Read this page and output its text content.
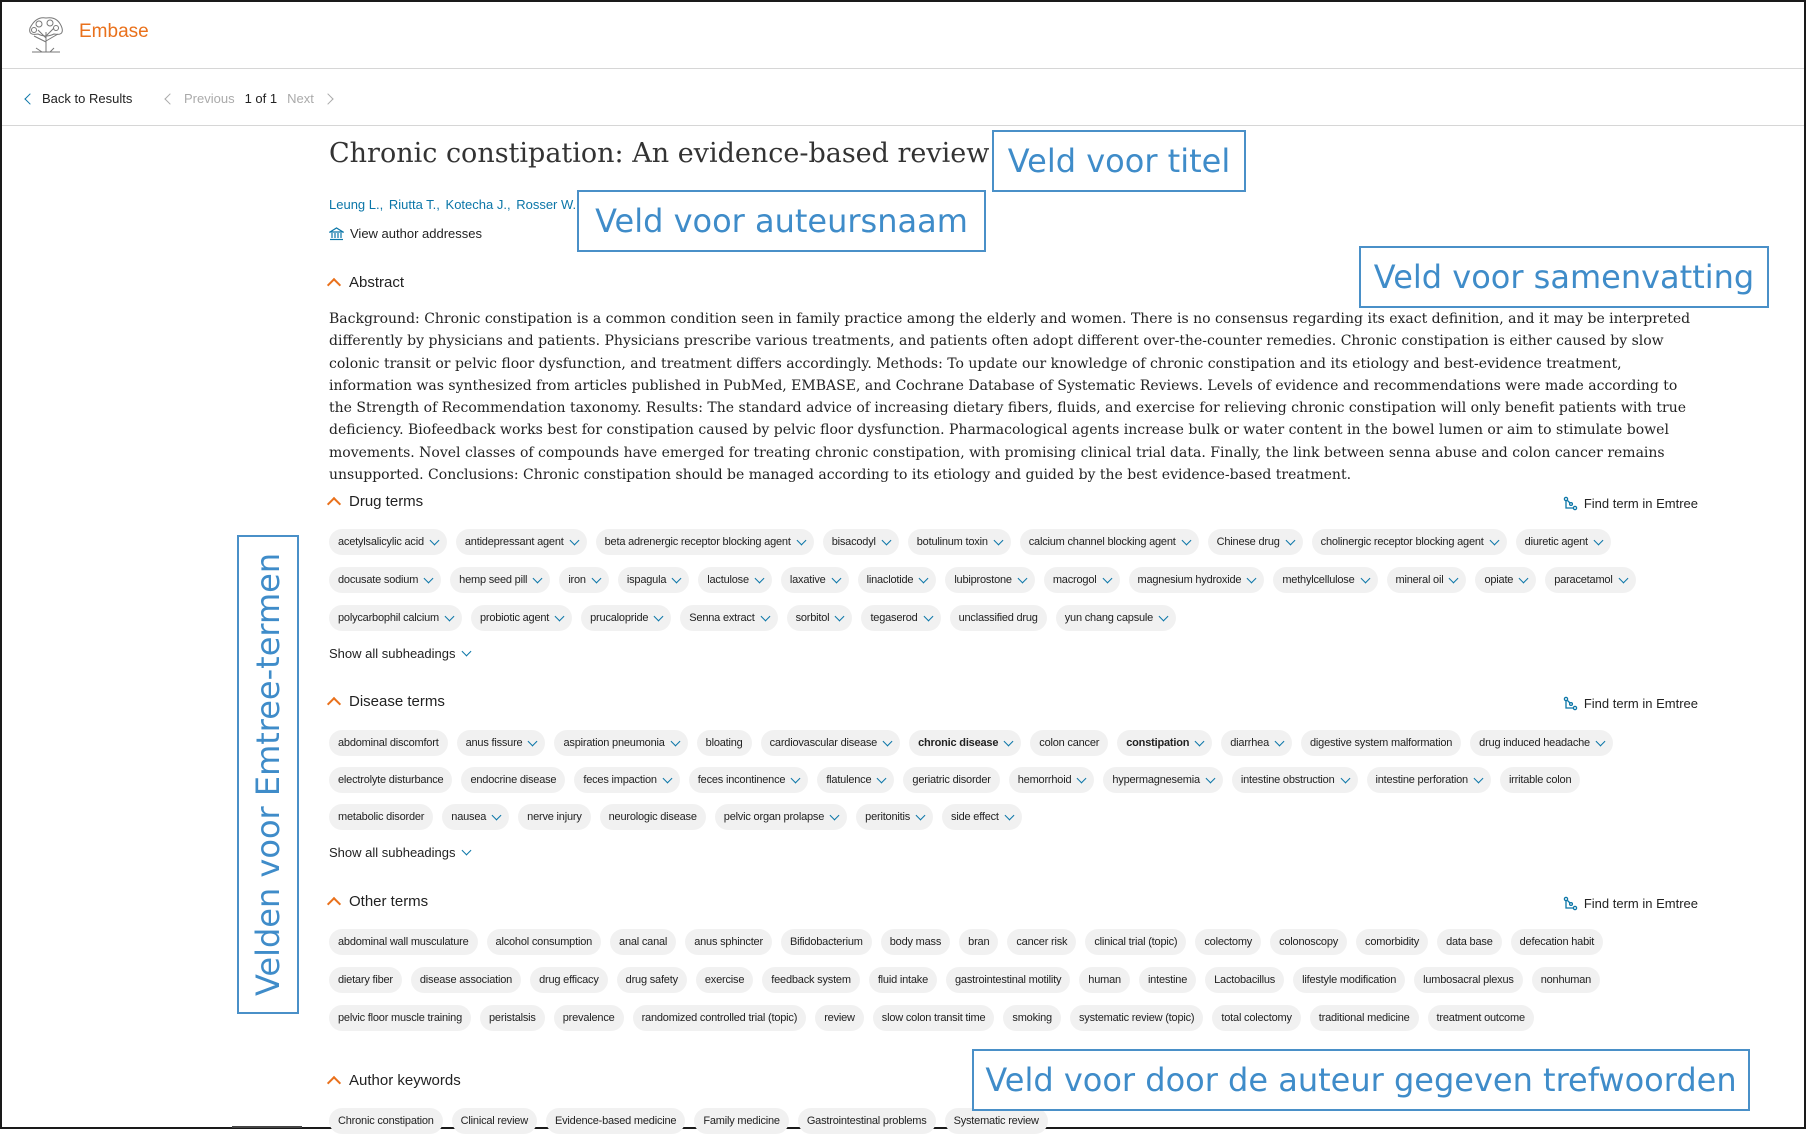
Embase
Back to Results	Previous 1 of 1 Next
Chronic constipation: An evidence-based review
Leung L., Riutta T., Kotecha J., Rosser W.
View author addresses
Abstract

Background: Chronic constipation is a common condition seen in family practice among the elderly and women. There is no consensus regarding its exact definition, and it may be interpreted differently by physicians and patients. Physicians prescribe various treatments, and patients often adopt different over-the-counter remedies. Chronic constipation is either caused by slow colonic transit or pelvic floor dysfunction, and treatment differs accordingly. Methods: To update our knowledge of chronic constipation and its etiology and best-evidence treatment, information was synthesized from articles published in PubMed, EMBASE, and Cochrane Database of Systematic Reviews. Levels of evidence and recommendations were made according to the Strength of Recommendation taxonomy. Results: The standard advice of increasing dietary fibers, fluids, and exercise for relieving chronic constipation will only benefit patients with true deficiency. Biofeedback works best for constipation caused by pelvic floor dysfunction. Pharmacological agents increase bulk or water content in the bowel lumen or aim to stimulate bowel movements. Novel classes of compounds have emerged for treating chronic constipation, with promising clinical trial data. Finally, the link between senna abuse and colon cancer remains unsupported. Conclusions: Chronic constipation should be managed according to its etiology and guided by the best evidence-based treatment.

Drug terms	Find term in Emtree
acetylsalicylic acid	antidepressant agent	beta adrenergic receptor blocking agent	bisacodyl	botulinum toxin	calcium channel blocking agent	Chinese drug	cholinergic receptor blocking agent	diuretic agent
docusate sodium	hemp seed pill	iron	ispagula	lactulose	laxative	linaclotide	lubiprostone	macrogol	magnesium hydroxide	methylcellulose	mineral oil	opiate	paracetamol
polycarbophil calcium	probiotic agent	prucalopride	Senna extract	sorbitol	tegaserod	unclassified drug yun chang capsule
Show all subheadings
Disease terms	Find term in Emtree
abdominal discomfort anus fissure	aspiration pneumonia	bloating cardiovascular disease	chronic disease	colon cancer constipation	diarrhea	digestive system malformation drug induced headache
electrolyte disturbance endocrine disease feces impaction	feces incontinence	flatulence	geriatric disorder hemorrhoid	hypermagnesemia	intestine obstruction	intestine perforation	irritable colon
metabolic disorder nausea	nerve injury neurologic disease pelvic organ prolapse	peritonitis	side effect
Show all subheadings
Other terms	Find term in Emtree
abdominal wall musculature alcohol consumption anal canal anus sphincter Bifidobacterium body mass bran cancer risk clinical trial (topic) colectomy colonoscopy comorbidity data base defecation habit
dietary fiber disease association drug efficacy drug safety exercise feedback system fluid intake gastrointestinal motility human intestine Lactobacillus lifestyle modification lumbosacral plexus nonhuman
pelvic floor muscle training peristalsis prevalence randomized controlled trial (topic) review slow colon transit time smoking systematic review (topic) total colectomy traditional medicine treatment outcome
Author keywords
Chronic constipation	Clinical review	Evidence-based medicine	Family medicine	Gastrointestinal problems	Systematic review
Veld voor titel
Veld voor auteursnaam
Veld voor samenvatting
Velden voor Emtree-termen
Veld voor door de auteur gegeven trefwoorden
